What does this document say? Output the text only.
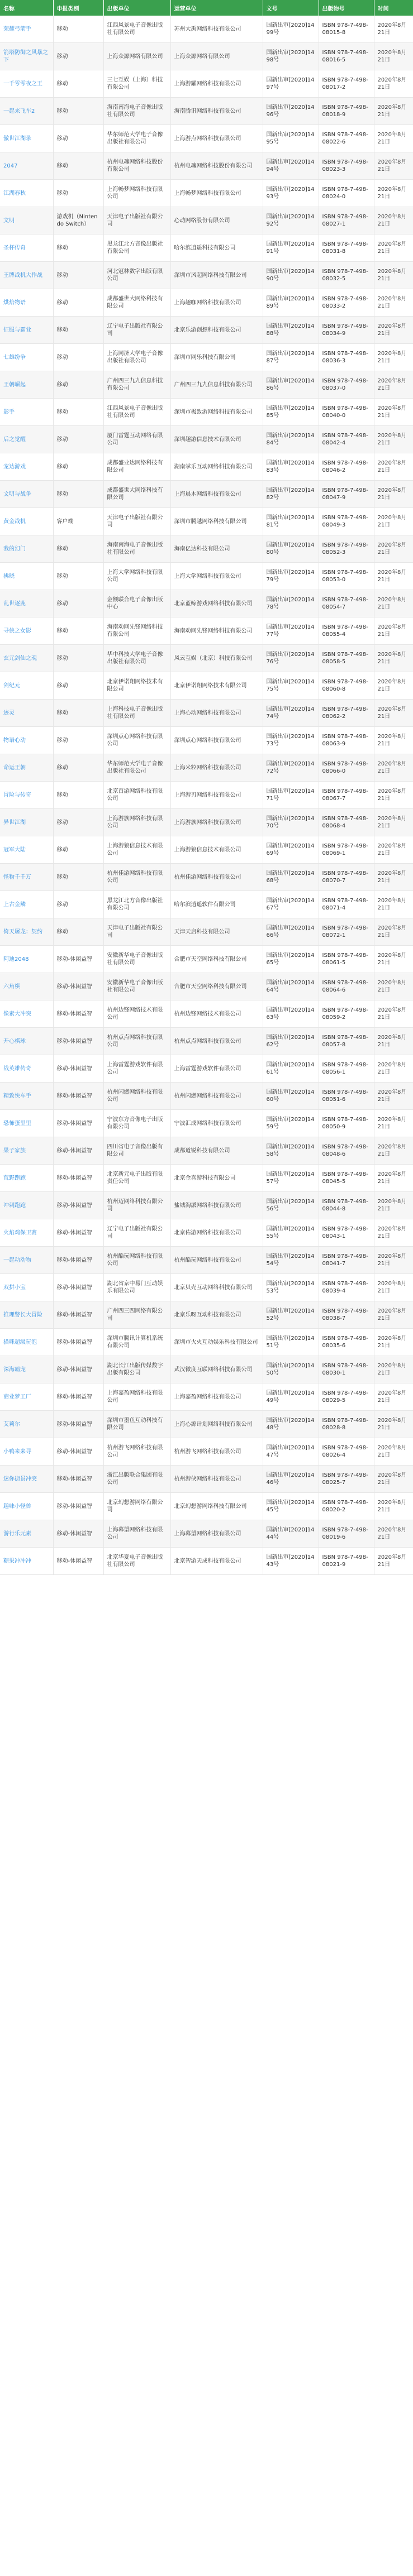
名称	申报类别	出版单位	运营单位	文号	出版物号	时间
荣耀弓箭手	移动	江西风景电子音像出版社有限公司	苏州大禹网络科技有限公司	国新出审[2020]1499号	ISBN 978-7-498-08015-8	2020年8月21日
箭塔防御之风暴之下	移动	上海众源网络有限公司	上海众源网络有限公司	国新出审[2020]1498号	ISBN 978-7-498-08016-5	2020年8月21日
一千零零夜之王	移动	三七互娱（上海）科技有限公司	上海游耀网络科技有限公司	国新出审[2020]1497号	ISBN 978-7-498-08017-2	2020年8月21日
一起来飞车2	移动	海南南海电子音像出版社有限公司	海南腾讯网络科技有限公司	国新出审[2020]1496号	ISBN 978-7-498-08018-9	2020年8月21日
傲世江湖录	移动	华东师范大学电子音像出版社有限公司	上海游点网络科技有限公司	国新出审[2020]1495号	ISBN 978-7-498-08022-6	2020年8月21日
2047	移动	杭州电魂网络科技股份有限公司	杭州电魂网络科技股份有限公司	国新出审[2020]1494号	ISBN 978-7-498-08023-3	2020年8月21日
江湖春秋	移动	上海畅梦网络科技有限公司	上海畅梦网络科技有限公司	国新出审[2020]1493号	ISBN 978-7-498-08024-0	2020年8月21日
文明	游戏机（Nintendo Switch）	天津电子出版社有限公司	心动网络股份有限公司	国新出审[2020]1492号	ISBN 978-7-498-08027-1	2020年8月21日
圣杯传奇	移动	黑龙江北方音像出版社有限公司	哈尔滨逍遥科技有限公司	国新出审[2020]1491号	ISBN 978-7-498-08031-8	2020年8月21日
王牌战机大作战	移动	河北冠林数字出版有限公司	深圳市风起网络科技有限公司	国新出审[2020]1490号	ISBN 978-7-498-08032-5	2020年8月21日
烘焙物语	移动	成都盛世大网络科技有限公司	上海趣咖网络科技有限公司	国新出审[2020]1489号	ISBN 978-7-498-08033-2	2020年8月21日
征服与霸业	移动	辽宁电子出版社有限公司	北京乐游创想科技有限公司	国新出审[2020]1488号	ISBN 978-7-498-08034-9	2020年8月21日
七雄纷争	移动	上海同济大学电子音像出版社有限公司	深圳市网乐科技有限公司	国新出审[2020]1487号	ISBN 978-7-498-08036-3	2020年8月21日
王朝崛起	移动	广州四三九九信息科技有限公司	广州四三九九信息科技有限公司	国新出审[2020]1486号	ISBN 978-7-498-08037-0	2020年8月21日
影手	移动	江西风景电子音像出版社有限公司	深圳市极致游网络科技有限公司	国新出审[2020]1485号	ISBN 978-7-498-08040-0	2020年8月21日
后之觉醒	移动	厦门雷霆互动网络有限公司	深圳趣游信息技术有限公司	国新出审[2020]1484号	ISBN 978-7-498-08042-4	2020年8月21日
宠达游戏	移动	成都盛业达网络科技有限公司	湖南掌乐互动网络科技有限公司	国新出审[2020]1483号	ISBN 978-7-498-08046-2	2020年8月21日
文明与战争	移动	成都盛世大网络科技有限公司	上海晨木网络科技有限公司	国新出审[2020]1482号	ISBN 978-7-498-08047-9	2020年8月21日
黄金战机	客户端	天津电子出版社有限公司	深圳市腾越网络科技有限公司	国新出审[2020]1481号	ISBN 978-7-498-08049-3	2020年8月21日
我的幻门	移动	海南南海电子音像出版社有限公司	海南亿达科技有限公司	国新出审[2020]1480号	ISBN 978-7-498-08052-3	2020年8月21日
拂晓	移动	上海大学网络科技有限公司	上海大学网络科技有限公司	国新出审[2020]1479号	ISBN 978-7-498-08053-0	2020年8月21日
乱世逐鹿	移动	金额联合电子音像出版中心	北京蓝鲸游戏网络科技有限公司	国新出审[2020]1478号	ISBN 978-7-498-08054-7	2020年8月21日
寻侠之女影	移动	海南动网先锋网络科技有限公司	海南动网先锋网络科技有限公司	国新出审[2020]1477号	ISBN 978-7-498-08055-4	2020年8月21日
玄元剑仙之魂	移动	华中科技大学电子音像出版社有限公司	风云互娱（北京）科技有限公司	国新出审[2020]1476号	ISBN 978-7-498-08058-5	2020年8月21日
剑纪元	移动	北京伊诺翔网络技术有限公司	北京伊诺翔网络技术有限公司	国新出审[2020]1475号	ISBN 978-7-498-08060-8	2020年8月21日
迹灵	移动	上海科技电子音像出版社有限公司	上海心动网络科技有限公司	国新出审[2020]1474号	ISBN 978-7-498-08062-2	2020年8月21日
物语心动	移动	深圳点心网络科技有限公司	深圳点心网络科技有限公司	国新出审[2020]1473号	ISBN 978-7-498-08063-9	2020年8月21日
命运王朝	移动	华东师范大学电子音像出版社有限公司	上海米粒网络科技有限公司	国新出审[2020]1472号	ISBN 978-7-498-08066-0	2020年8月21日
冒险与传奇	移动	北京百游网络科技有限公司	上海游刃网络科技有限公司	国新出审[2020]1471号	ISBN 978-7-498-08067-7	2020年8月21日
异世江湖	移动	上海游族网络科技有限公司	上海游族网络科技有限公司	国新出审[2020]1470号	ISBN 978-7-498-08068-4	2020年8月21日
冠军大陆	移动	上海游狼信息技术有限公司	上海游狼信息技术有限公司	国新出审[2020]1469号	ISBN 978-7-498-08069-1	2020年8月21日
怪物千千万	移动	杭州佳游网络科技有限公司	杭州佳游网络科技有限公司	国新出审[2020]1468号	ISBN 978-7-498-08070-7	2020年8月21日
上古金鳞	移动	黑龙江北方音像出版社有限公司	哈尔滨逍遥软件有限公司	国新出审[2020]1467号	ISBN 978-7-498-08071-4	2020年8月21日
倚天屠龙：契约	移动	天津电子出版社有限公司	天津天启科技有限公司	国新出审[2020]1466号	ISBN 978-7-498-08072-1	2020年8月21日
阿迪2048	移动-休闲益智	安徽新华电子音像出版社有限公司	合肥市天空网络科技有限公司	国新出审[2020]1465号	ISBN 978-7-498-08061-5	2020年8月21日
六角棋	移动-休闲益智	安徽新华电子音像出版社有限公司	合肥市天空网络科技有限公司	国新出审[2020]1464号	ISBN 978-7-498-08064-6	2020年8月21日
像素大冲突	移动-休闲益智	杭州边锋网络技术有限公司	杭州边锋网络技术有限公司	国新出审[2020]1463号	ISBN 978-7-498-08059-2	2020年8月21日
开心棋球	移动-休闲益智	杭州点点网络科技有限公司	杭州点点网络科技有限公司	国新出审[2020]1462号	ISBN 978-7-498-08057-8	2020年8月21日
战英雄传奇	移动-休闲益智	上海雷霆游戏软件有限公司	上海雷霆游戏软件有限公司	国新出审[2020]1461号	ISBN 978-7-498-08056-1	2020年8月21日
精致快车手	移动-休闲益智	杭州闪燃网络科技有限公司	杭州闪燃网络科技有限公司	国新出审[2020]1460号	ISBN 978-7-498-08051-6	2020年8月21日
恐怖蛋里里	移动-休闲益智	宁波东方音像电子出版有限公司	宁波汇成网络科技有限公司	国新出审[2020]1459号	ISBN 978-7-498-08050-9	2020年8月21日
果子家族	移动-休闲益智	四川省电子音像出版有限公司	成都道锐科技有限公司	国新出审[2020]1458号	ISBN 978-7-498-08048-6	2020年8月21日
荒野跑跑	移动-休闲益智	北京新元电子出版有限责任公司	北京金喜游科技有限公司	国新出审[2020]1457号	ISBN 978-7-498-08045-5	2020年8月21日
冲刺跑跑	移动-休闲益智	杭州迈网络科技有限公司	盐城淘派网络科技有限公司	国新出审[2020]1456号	ISBN 978-7-498-08044-8	2020年8月21日
火焰鸡保卫赛	移动-休闲益智	辽宁电子出版社有限公司	北京佑游网络科技有限公司	国新出审[2020]1455号	ISBN 978-7-498-08043-1	2020年8月21日
一起动动物	移动-休闲益智	杭州酷玩网络科技有限公司	杭州酷玩网络科技有限公司	国新出审[2020]1454号	ISBN 978-7-498-08041-7	2020年8月21日
双拼小宝	移动-休闲益智	湖北省京中易门互动娱乐有限公司	北京贝壳互动网络科技有限公司	国新出审[2020]1453号	ISBN 978-7-498-08039-4	2020年8月21日
推理警长大冒险	移动-休闲益智	广州四三四网络有限公司	北京乐呀互动科技有限公司	国新出审[2020]1452号	ISBN 978-7-498-08038-7	2020年8月21日
猫咪超级玩泡	移动-休闲益智	深圳市腾讯计算机系统有限公司	深圳市火火互动娱乐科技有限公司	国新出审[2020]1451号	ISBN 978-7-498-08035-6	2020年8月21日
深海霸宠	移动-休闲益智	湖北长江出版传媒数字出版有限公司	武汉微度互联网络科技有限公司	国新出审[2020]1450号	ISBN 978-7-498-08030-1	2020年8月21日
商业梦工厂	移动-休闲益智	上海嘉盈网络科技有限公司	上海嘉盈网络科技有限公司	国新出审[2020]1449号	ISBN 978-7-498-08029-5	2020年8月21日
艾莉尔	移动-休闲益智	深圳市墨鱼互动科技有限公司	上海心源计划网络科技有限公司	国新出审[2020]1448号	ISBN 978-7-498-08028-8	2020年8月21日
小鸭来来寻	移动-休闲益智	杭州游飞网络科技有限公司	杭州游飞网络科技有限公司	国新出审[2020]1447号	ISBN 978-7-498-08026-4	2020年8月21日
迷你街景冲突	移动-休闲益智	浙江出版联合集团有限公司	杭州游侠网络科技有限公司	国新出审[2020]1446号	ISBN 978-7-498-08025-7	2020年8月21日
趣味小怪兽	移动-休闲益智	北京幻想游网络有限公司	北京幻想游网络科技有限公司	国新出审[2020]1445号	ISBN 978-7-498-08020-2	2020年8月21日
游行乐元素	移动-休闲益智	上海幕望网络科技有限公司	上海幕望网络科技有限公司	国新出审[2020]1444号	ISBN 978-7-498-08019-6	2020年8月21日
糖果冲冲冲	移动-休闲益智	北京华夏电子音像出版社有限公司	北京智游天成科技有限公司	国新出审[2020]1443号	ISBN 978-7-498-08021-9	2020年8月21日
